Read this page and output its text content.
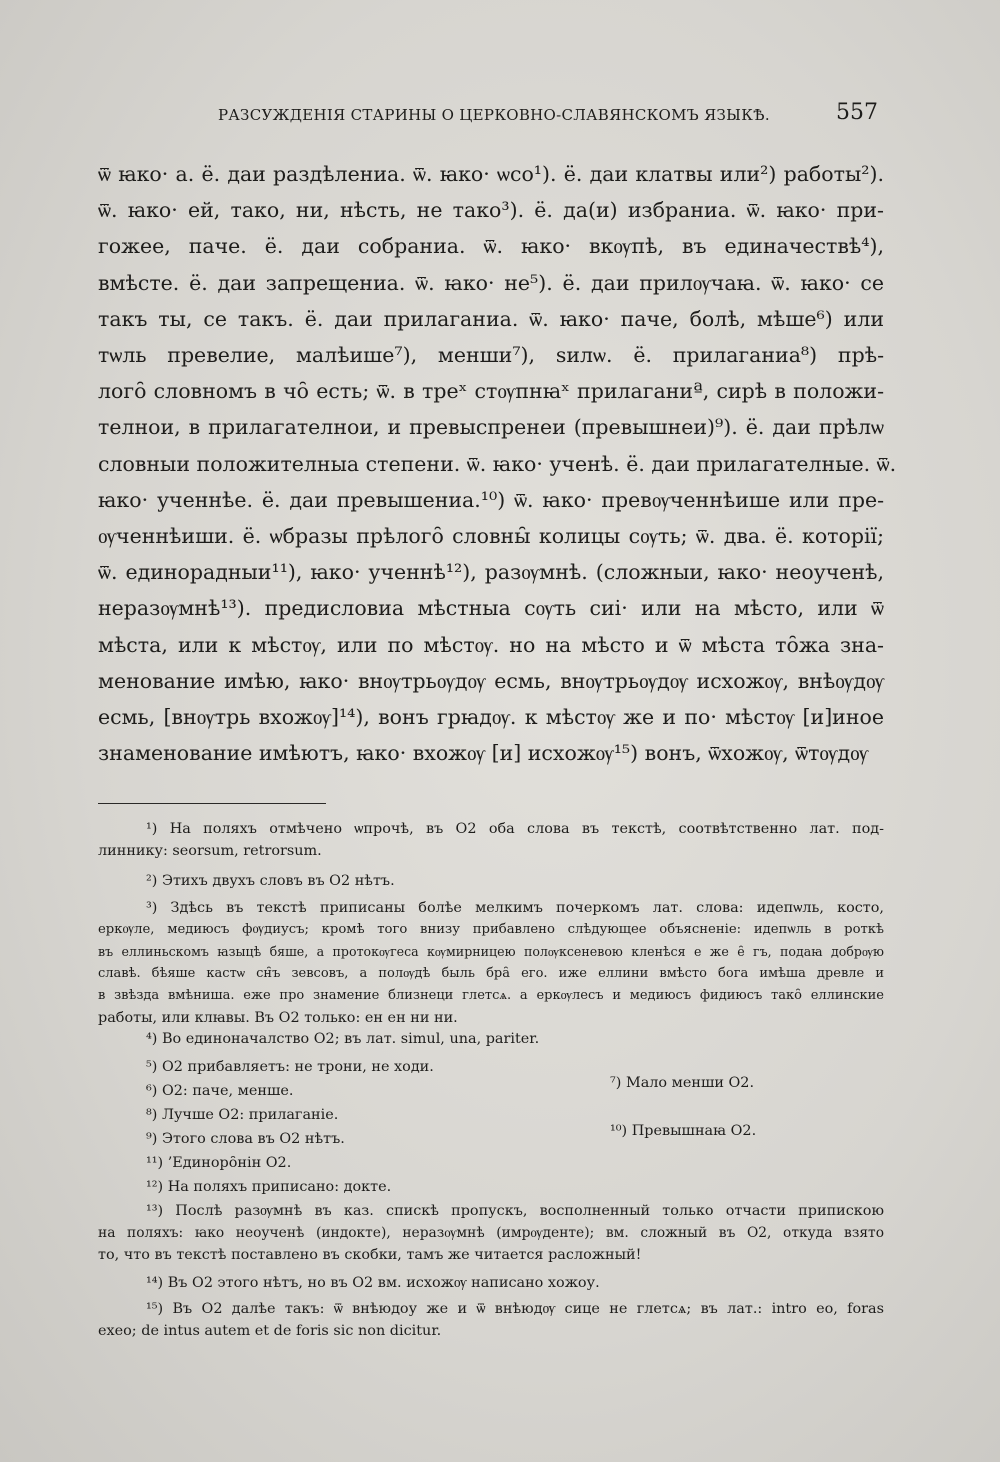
РАЗСУЖДЕНІЯ СТАРИНЫ О ЦЕРКОВНО-СЛАВЯНСКОМЪ ЯЗЫКѢ.	557
ѿ ꙗко· а. ё. даи раздѣлениа. ѿ. ꙗко· ѡсо¹). ё. даи клатвы или²) работы²).
ѿ. ꙗко· ей, тако, ни, нѣсть, не тако³). ё. да(и) избраниа. ѿ. ꙗко· при-
гожее, паче. ё. даи собраниа. ѿ. ꙗко· вкѹпѣ, въ единачествѣ⁴),
вмѣсте. ё. даи запрещениа. ѿ. ꙗко· не⁵). ё. даи прилѹчаꙗ. ѿ. ꙗко· се
такъ ты, се такъ. ё. даи прилаганиа. ѿ. ꙗко· паче, болѣ, мѣше⁶) или
тѡль превелие, малѣише⁷), менши⁷), ѕилѡ. ё. прилаганиа⁸) прѣ-
лого̑ словномъ в чо̑ есть; ѿ. в треˣ стѹпнꙗˣ прилаганиª, сирѣ в положи-
телнои, в прилагателнои, и превыспренеи (превышнеи)⁹). ё. даи прѣлѡ
словныи положителныа степени. ѿ. ꙗко· ученѣ. ё. даи прилагателные. ѿ.
ꙗко· ученнѣе. ё. даи превышениа.¹⁰) ѿ. ꙗко· превѹченнѣише или пре-
ѹченнѣиши. ё. ѡбразы прѣлого̑ словны̑ колицы сѹть; ѿ. два. ё. которії;
ѿ. единорадныи¹¹), ꙗко· ученнѣ¹²), разѹмнѣ. (сложныи, ꙗко· неоученѣ,
неразѹмнѣ¹³). предисловиа мѣстныа сѹть сиі· или на мѣсто, или ѿ
мѣста, или к мѣстѹ, или по мѣстѹ. но на мѣсто и ѿ мѣста то̑жа зна-
менование имѣю, ꙗко· внѹтрьѹдѹ есмь, внѹтрьѹдѹ исхожѹ, внѣѹдѹ
есмь, [внѹтрь вхожѹ]¹⁴), вонъ грꙗдѹ. к мѣстѹ же и по· мѣстѹ [и]иное
знаменование имѣютъ, ꙗко· вхожѹ [и] исхожѹ¹⁵) вонъ, ѿхожѹ, ѿтѹдѹ
¹) На поляхъ отмѣчено ѡпрочѣ, въ О2 оба слова въ текстѣ, соотвѣтственно лат. под-
линнику: seorsum, retrorsum.
²) Этихъ двухъ словъ въ О2 нѣтъ.
³) Здѣсь въ текстѣ приписаны болѣе мелкимъ почеркомъ лат. слова: идепѡль, косто,
еркѹле, медиюсъ фѹдиусъ; кромѣ того внизу прибавлено слѣдующее объясненіе: идепѡль в роткѣ
въ еллиньскомъ ꙗзыцѣ бяше, а протокѹгеса кѹмирницею полѹксеневою кленѣся е же е̑ гъ, подаꙗ добрѹю
славѣ. бѣяше кастѡ сн̑ъ зевсовъ, а полѹдѣ быль бра̑ его. иже еллини вмѣсто бога имѣша древле и
в звѣзда вмѣниша. еже про знамение близнеци глетсѧ. а еркѹлесъ и медиюсъ фидиюсъ тако̑ еллинские
работы, или клꙗвы. Въ О2 только: ен ен ни ни.
⁴) Во единоначалство О2; въ лат. simul, una, pariter.
⁵) О2 прибавляетъ: не трони, не ходи.
⁶) О2: паче, менше.	⁷) Мало менши О2.
⁸) Лучше О2: прилаганіе.
⁹) Этого слова въ О2 нѣтъ.	¹⁰) Превышнаꙗ О2.
¹¹) ’Единоро̑нін О2.
¹²) На поляхъ приписано: докте.
¹³) Послѣ разѹмнѣ въ каз. спискѣ пропускъ, восполненный только отчасти припискою
на поляхъ: ꙗко неоученѣ (индокте), неразѹмнѣ (имрѹденте); вм. сложный въ О2, откуда взято
то, что въ текстѣ поставлено въ скобки, тамъ же читается расложный!
¹⁴) Въ О2 этого нѣтъ, но въ О2 вм. исхожѹ написано хожоу.
¹⁵) Въ О2 далѣе такъ: ѿ внѣюдоу же и ѿ внѣюдѹ сице не глетсѧ; въ лат.: intro eo, foras
exeo; de intus autem et de foris sic non dicitur.
